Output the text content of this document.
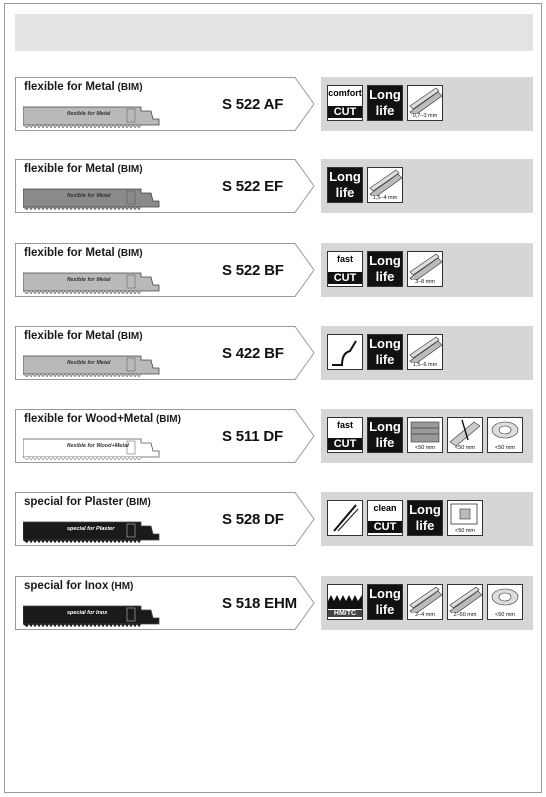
flexible for Metal (BIM)
flexible for Metal
S 522 AF
comfort
CUT
Long
life	0,7–3 mm
flexible for Metal (BIM)
flexible for Metal
S 522 EF
Long
life	1,5–4 mm
flexible for Metal (BIM)
flexible for Metal
S 522 BF
fast
CUT
Long
life	3–8 mm
flexible for Metal (BIM)
flexible for Metal
S 422 BF
Long
life	1,5–6 mm
flexible for Wood+Metal (BIM)
flexible for Wood+Metal
S 511 DF
fast
CUT
Long
life	<50 mm	<50 mm	<50 mm
special for Plaster (BIM)
special for Plaster
S 528 DF
clean
CUT
Long
life	<50 mm
special for Inox (HM)
special for Inox
S 518 EHM
HM/TC
Long
life	2–4 mm	2–50 mm	<50 mm
